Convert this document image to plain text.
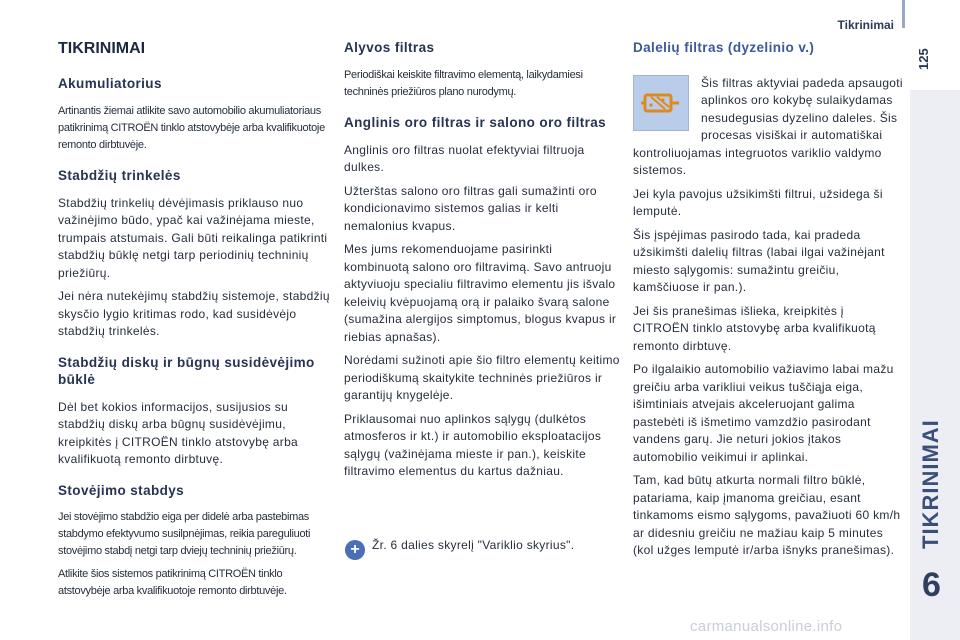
Tikrinimai
125
TIKRINIMAI
6
TIKRINIMAI
Akumuliatorius

Artinantis žiemai atlikite savo automobilio akumuliatoriaus patikrinimą CITROËN tinklo atstovybėje arba kvalifikuotoje remonto dirbtuvėje.

Stabdžių trinkelės

Stabdžių trinkelių dėvėjimasis priklauso nuo važinėjimo būdo, ypač kai važinėjama mieste, trumpais atstumais. Gali būti reikalinga patikrinti stabdžių būklę netgi tarp periodinių techninių priežiūrų.

Jei nėra nutekėjimų stabdžių sistemoje, stabdžių skysčio lygio kritimas rodo, kad susidėvėjo stabdžių trinkelės.

Stabdžių diskų ir būgnų susidėvėjimo būklė

Dėl bet kokios informacijos, susijusios su stabdžių diskų arba būgnų susidėvėjimu, kreipkitės į CITROËN tinklo atstovybę arba kvalifikuotą remonto dirbtuvę.

Stovėjimo stabdys

Jei stovėjimo stabdžio eiga per didelė arba pastebimas stabdymo efektyvumo susilpnėjimas, reikia pareguliuoti stovėjimo stabdį netgi tarp dviejų techninių priežiūrų.

Atlikite šios sistemos patikrinimą CITROËN tinklo atstovybėje arba kvalifikuotoje remonto dirbtuvėje.

Alyvos filtras

Periodiškai keiskite filtravimo elementą, laikydamiesi techninės priežiūros plano nurodymų.

Anglinis oro filtras ir salono oro filtras

Anglinis oro filtras nuolat efektyviai filtruoja dulkes.

Užterštas salono oro filtras gali sumažinti oro kondicionavimo sistemos galias ir kelti nemalonius kvapus.

Mes jums rekomenduojame pasirinkti kombinuotą salono oro filtravimą. Savo antruoju aktyviuoju specialiu filtravimo elementu jis išvalo keleivių kvėpuojamą orą ir palaiko švarą salone (sumažina alergijos simptomus, blogus kvapus ir riebias apnašas).

Norėdami sužinoti apie šio filtro elementų keitimo periodiškumą skaitykite techninės priežiūros ir garantijų knygelėje.

Priklausomai nuo aplinkos sąlygų (dulkėtos atmosferos ir kt.) ir automobilio eksploatacijos sąlygų (važinėjama mieste ir pan.), keiskite filtravimo elementus du kartus dažniau.

+	Žr. 6 dalies skyrelį "Variklio skyrius".
Dalelių filtras (dyzelinio v.)

Šis filtras aktyviai padeda apsaugoti aplinkos oro kokybę sulaikydamas nesudegusias dyzelino daleles. Šis procesas visiškai ir automatiškai kontroliuojamas integruotos variklio valdymo sistemos.

Jei kyla pavojus užsikimšti filtrui, užsidega ši lemputė.

Šis įspėjimas pasirodo tada, kai pradeda užsikimšti dalelių filtras (labai ilgai važinėjant miesto sąlygomis: sumažintu greičiu, kamščiuose ir pan.).

Jei šis pranešimas išlieka, kreipkitės į CITROËN tinklo atstovybę arba kvalifikuotą remonto dirbtuvę.

Po ilgalaikio automobilio važiavimo labai mažu greičiu arba varikliui veikus tuščiąja eiga, išimtiniais atvejais akceleruojant galima pastebėti iš išmetimo vamzdžio pasirodant vandens garų. Jie neturi jokios įtakos automobilio veikimui ir aplinkai.

Tam, kad būtų atkurta normali filtro būklė, patariama, kaip įmanoma greičiau, esant tinkamoms eismo sąlygoms, pavažiuoti 60 km/h ar didesniu greičiu ne mažiau kaip 5 minutes (kol užges lemputė ir/arba išnyks pranešimas).

carmanualsonline.info
